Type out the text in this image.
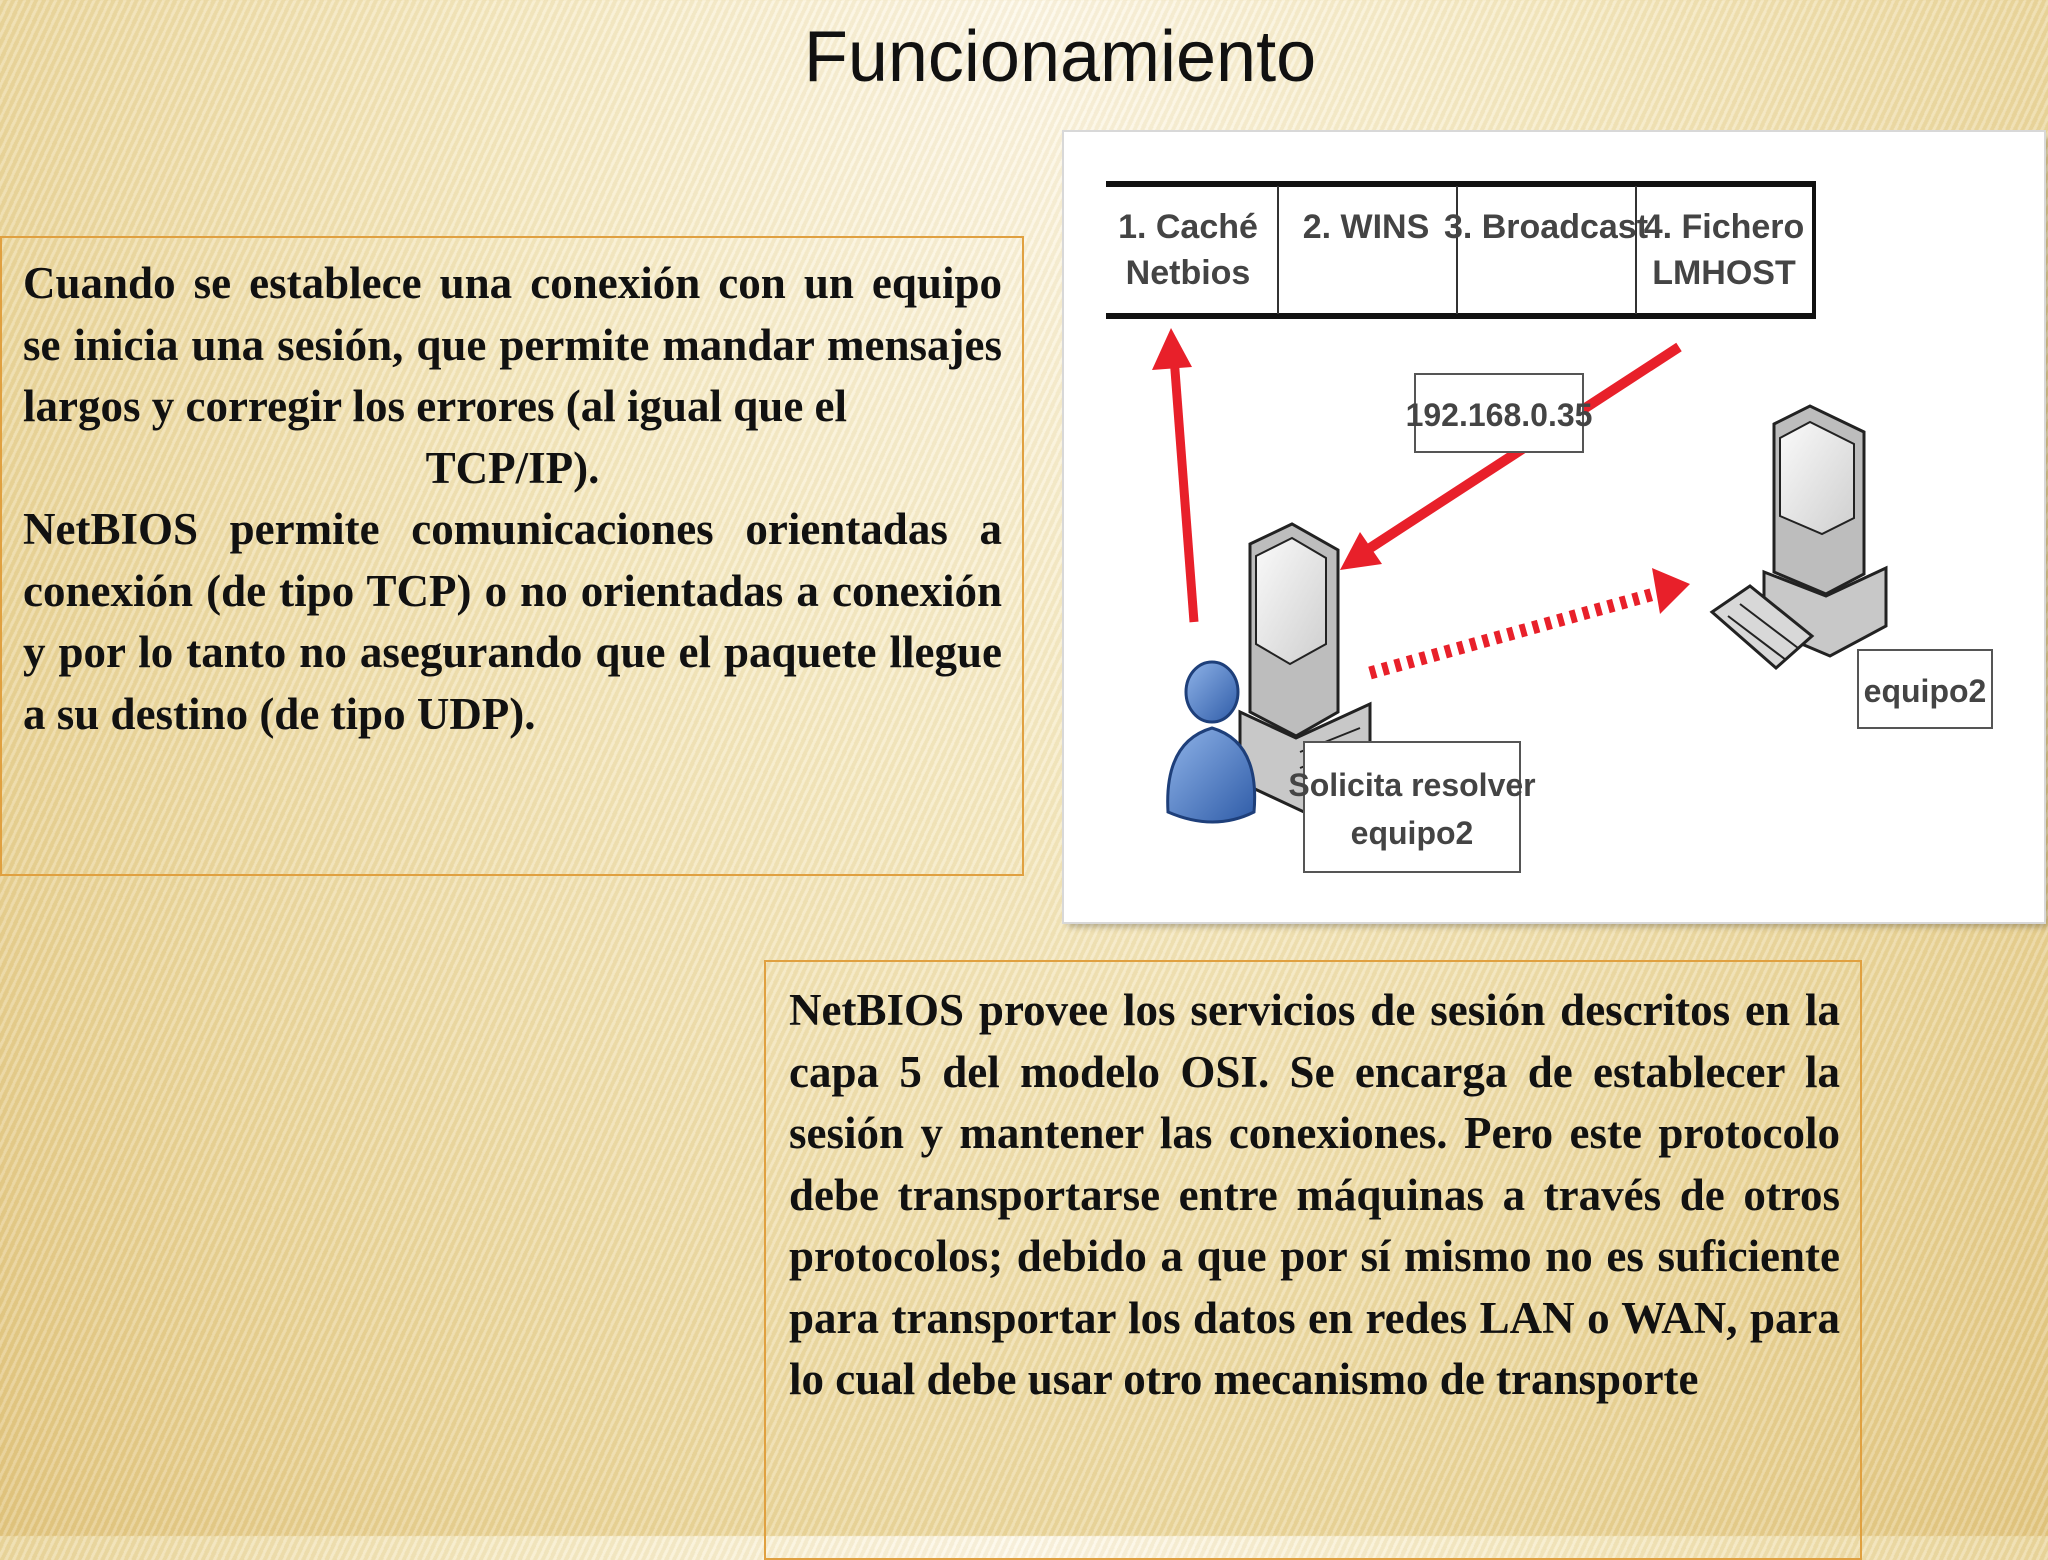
Funcionamiento

Cuando se establece una conexión con un equipo se inicia una sesión, que permite mandar mensajes largos y corregir los errores (al igual que el
TCP/IP).

NetBIOS permite comunicaciones orientadas a conexión (de tipo TCP) o no orientadas a conexión y por lo tanto no asegurando que el paquete llegue a su destino (de tipo UDP).

1. Caché
Netbios
2. WINS 3. Broadcast
4. Fichero
LMHOST
192.168.0.35
Solicita resolver
equipo2
equipo2

NetBIOS provee los servicios de sesión descritos en la capa 5 del modelo OSI. Se encarga de establecer la sesión y mantener las conexiones. Pero este protocolo debe transportarse entre máquinas a través de otros protocolos; debido a que por sí mismo no es suficiente para transportar los datos en redes LAN o WAN, para lo cual debe usar otro mecanismo de transporte
